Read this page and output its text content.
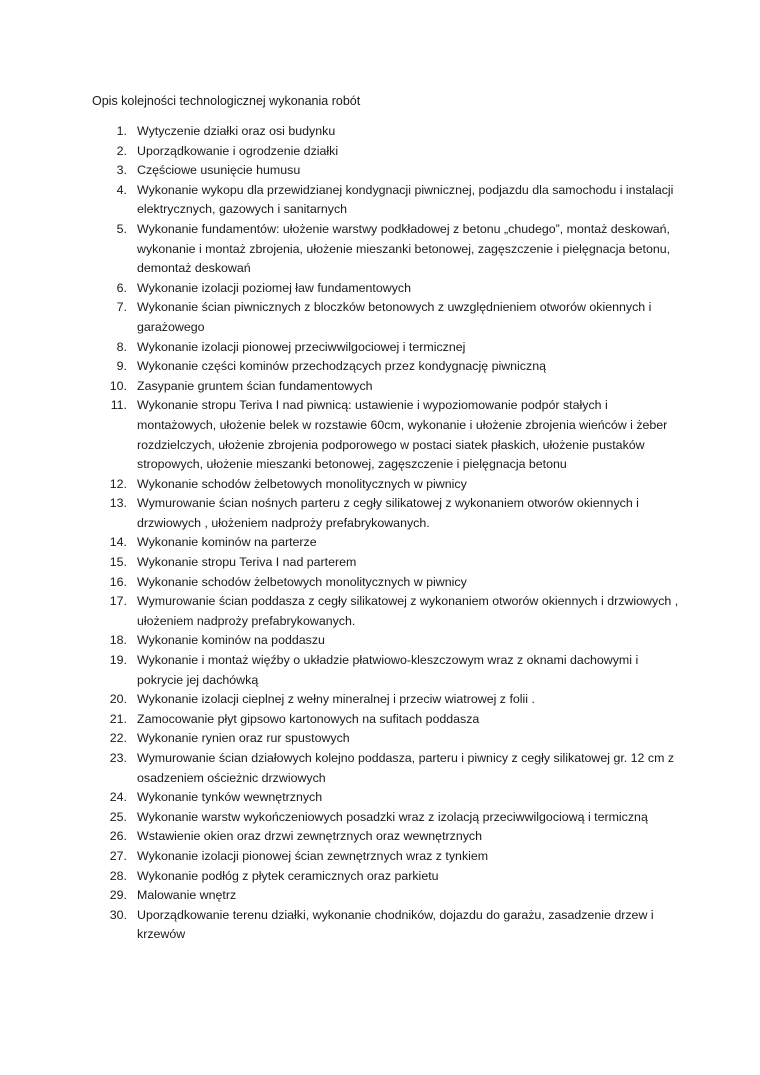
Opis kolejności technologicznej wykonania robót
1. Wytyczenie działki oraz osi budynku
2. Uporządkowanie i ogrodzenie działki
3. Częściowe usunięcie humusu
4. Wykonanie wykopu dla przewidzianej kondygnacji piwnicznej, podjazdu dla samochodu i instalacji elektrycznych, gazowych i sanitarnych
5. Wykonanie fundamentów: ułożenie warstwy podkładowej z betonu „chudego”, montaż deskowań, wykonanie i montaż zbrojenia, ułożenie mieszanki betonowej, zagęszczenie i pielęgnacja betonu, demontaż deskowań
6. Wykonanie izolacji poziomej ław fundamentowych
7. Wykonanie ścian piwnicznych z bloczków betonowych z uwzględnieniem otworów okiennych i garażowego
8. Wykonanie izolacji pionowej przeciwwilgociowej i termicznej
9. Wykonanie części kominów przechodzących przez kondygnację piwniczną
10. Zasypanie gruntem ścian fundamentowych
11. Wykonanie stropu Teriva I nad piwnicą: ustawienie i wypoziomowanie podpór stałych i montażowych, ułożenie belek w rozstawie 60cm, wykonanie i ułożenie zbrojenia wieńców i żeber rozdzielczych, ułożenie zbrojenia podporowego w postaci siatek płaskich, ułożenie pustaków stropowych, ułożenie mieszanki betonowej, zagęszczenie i pielęgnacja betonu
12. Wykonanie schodów żelbetowych monolitycznych w piwnicy
13. Wymurowanie ścian nośnych parteru z cegły silikatowej z wykonaniem otworów okiennych i drzwiowych , ułożeniem nadproży prefabrykowanych.
14. Wykonanie kominów na parterze
15. Wykonanie stropu Teriva I nad parterem
16. Wykonanie schodów żelbetowych monolitycznych w piwnicy
17. Wymurowanie ścian poddasza z cegły silikatowej z wykonaniem otworów okiennych i drzwiowych , ułożeniem nadproży prefabrykowanych.
18. Wykonanie kominów na poddaszu
19. Wykonanie i montaż więźby o układzie płatwiowo-kleszczowym wraz z oknami dachowymi i pokrycie jej dachówką
20. Wykonanie izolacji cieplnej z wełny mineralnej i przeciw wiatrowej z folii .
21. Zamocowanie płyt gipsowo kartonowych na sufitach poddasza
22. Wykonanie rynien oraz rur spustowych
23. Wymurowanie ścian działowych kolejno poddasza, parteru i piwnicy z cegły silikatowej gr. 12 cm z osadzeniem ościeżnic drzwiowych
24. Wykonanie tynków wewnętrznych
25. Wykonanie warstw wykończeniowych posadzki wraz z izolacją przeciwwilgociową i termiczną
26. Wstawienie okien oraz drzwi zewnętrznych oraz wewnętrznych
27. Wykonanie izolacji pionowej ścian zewnętrznych wraz z tynkiem
28. Wykonanie podłóg z płytek ceramicznych oraz parkietu
29. Malowanie wnętrz
30. Uporządkowanie terenu działki, wykonanie chodników, dojazdu do garażu, zasadzenie drzew i krzewów
